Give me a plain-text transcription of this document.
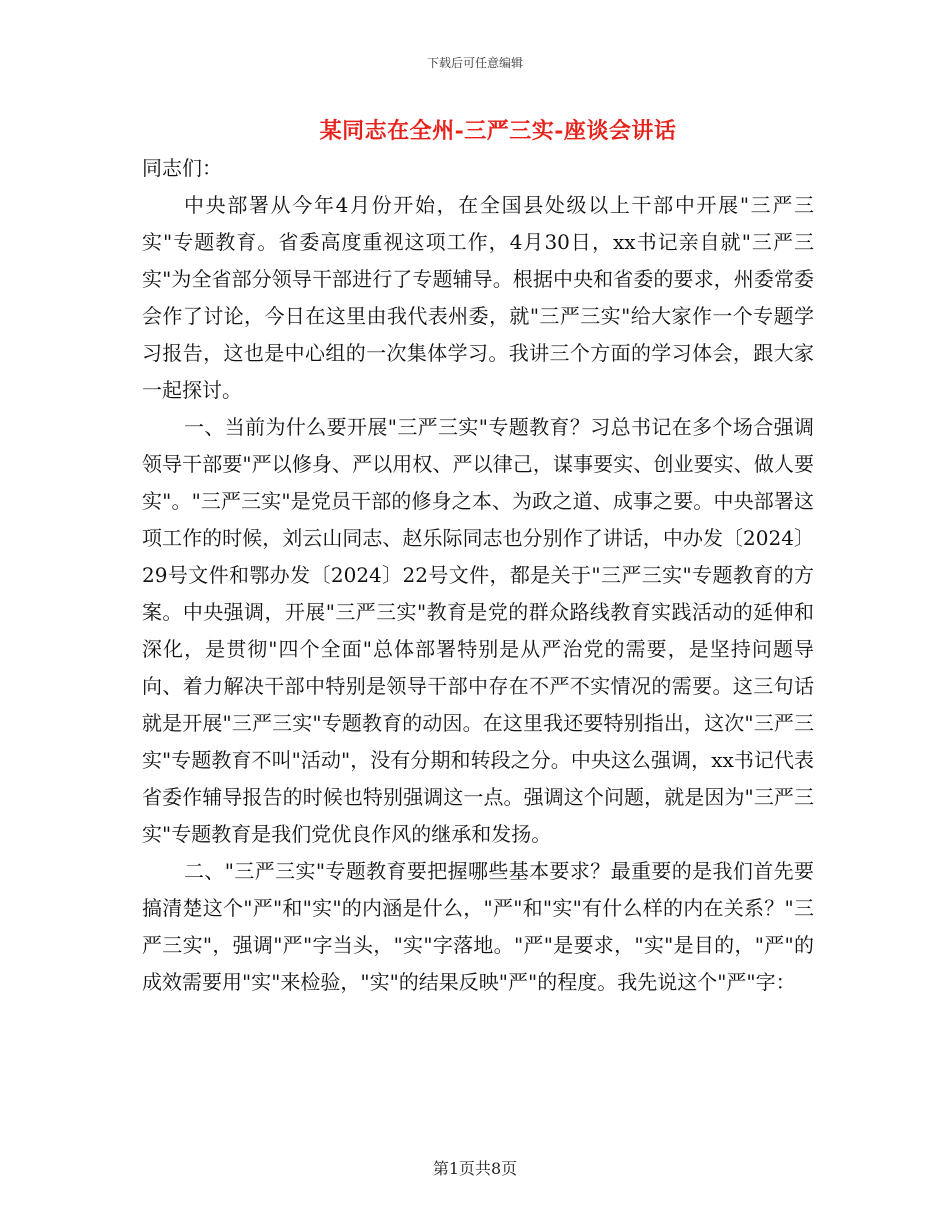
下载后可任意编辑
某同志在全州-三严三实-座谈会讲话

同志们：

中央部署从今年4月份开始，在全国县处级以上干部中开展"三严三实"专题教育。省委高度重视这项工作，4月30日，xx书记亲自就"三严三实"为全省部分领导干部进行了专题辅导。根据中央和省委的要求，州委常委会作了讨论，今日在这里由我代表州委，就"三严三实"给大家作一个专题学习报告，这也是中心组的一次集体学习。我讲三个方面的学习体会，跟大家一起探讨。

一、当前为什么要开展"三严三实"专题教育？习总书记在多个场合强调领导干部要"严以修身、严以用权、严以律己，谋事要实、创业要实、做人要实"。"三严三实"是党员干部的修身之本、为政之道、成事之要。中央部署这项工作的时候，刘云山同志、赵乐际同志也分别作了讲话，中办发〔2024〕29号文件和鄂办发〔2024〕22号文件，都是关于"三严三实"专题教育的方案。中央强调，开展"三严三实"教育是党的群众路线教育实践活动的延伸和深化，是贯彻"四个全面"总体部署特别是从严治党的需要，是坚持问题导向、着力解决干部中特别是领导干部中存在不严不实情况的需要。这三句话就是开展"三严三实"专题教育的动因。在这里我还要特别指出，这次"三严三实"专题教育不叫"活动"，没有分期和转段之分。中央这么强调，xx书记代表省委作辅导报告的时候也特别强调这一点。强调这个问题，就是因为"三严三实"专题教育是我们党优良作风的继承和发扬。

二、"三严三实"专题教育要把握哪些基本要求？最重要的是我们首先要搞清楚这个"严"和"实"的内涵是什么，"严"和"实"有什么样的内在关系？"三严三实"，强调"严"字当头，"实"字落地。"严"是要求，"实"是目的，"严"的成效需要用"实"来检验，"实"的结果反映"严"的程度。我先说这个"严"字：

第1页共8页
